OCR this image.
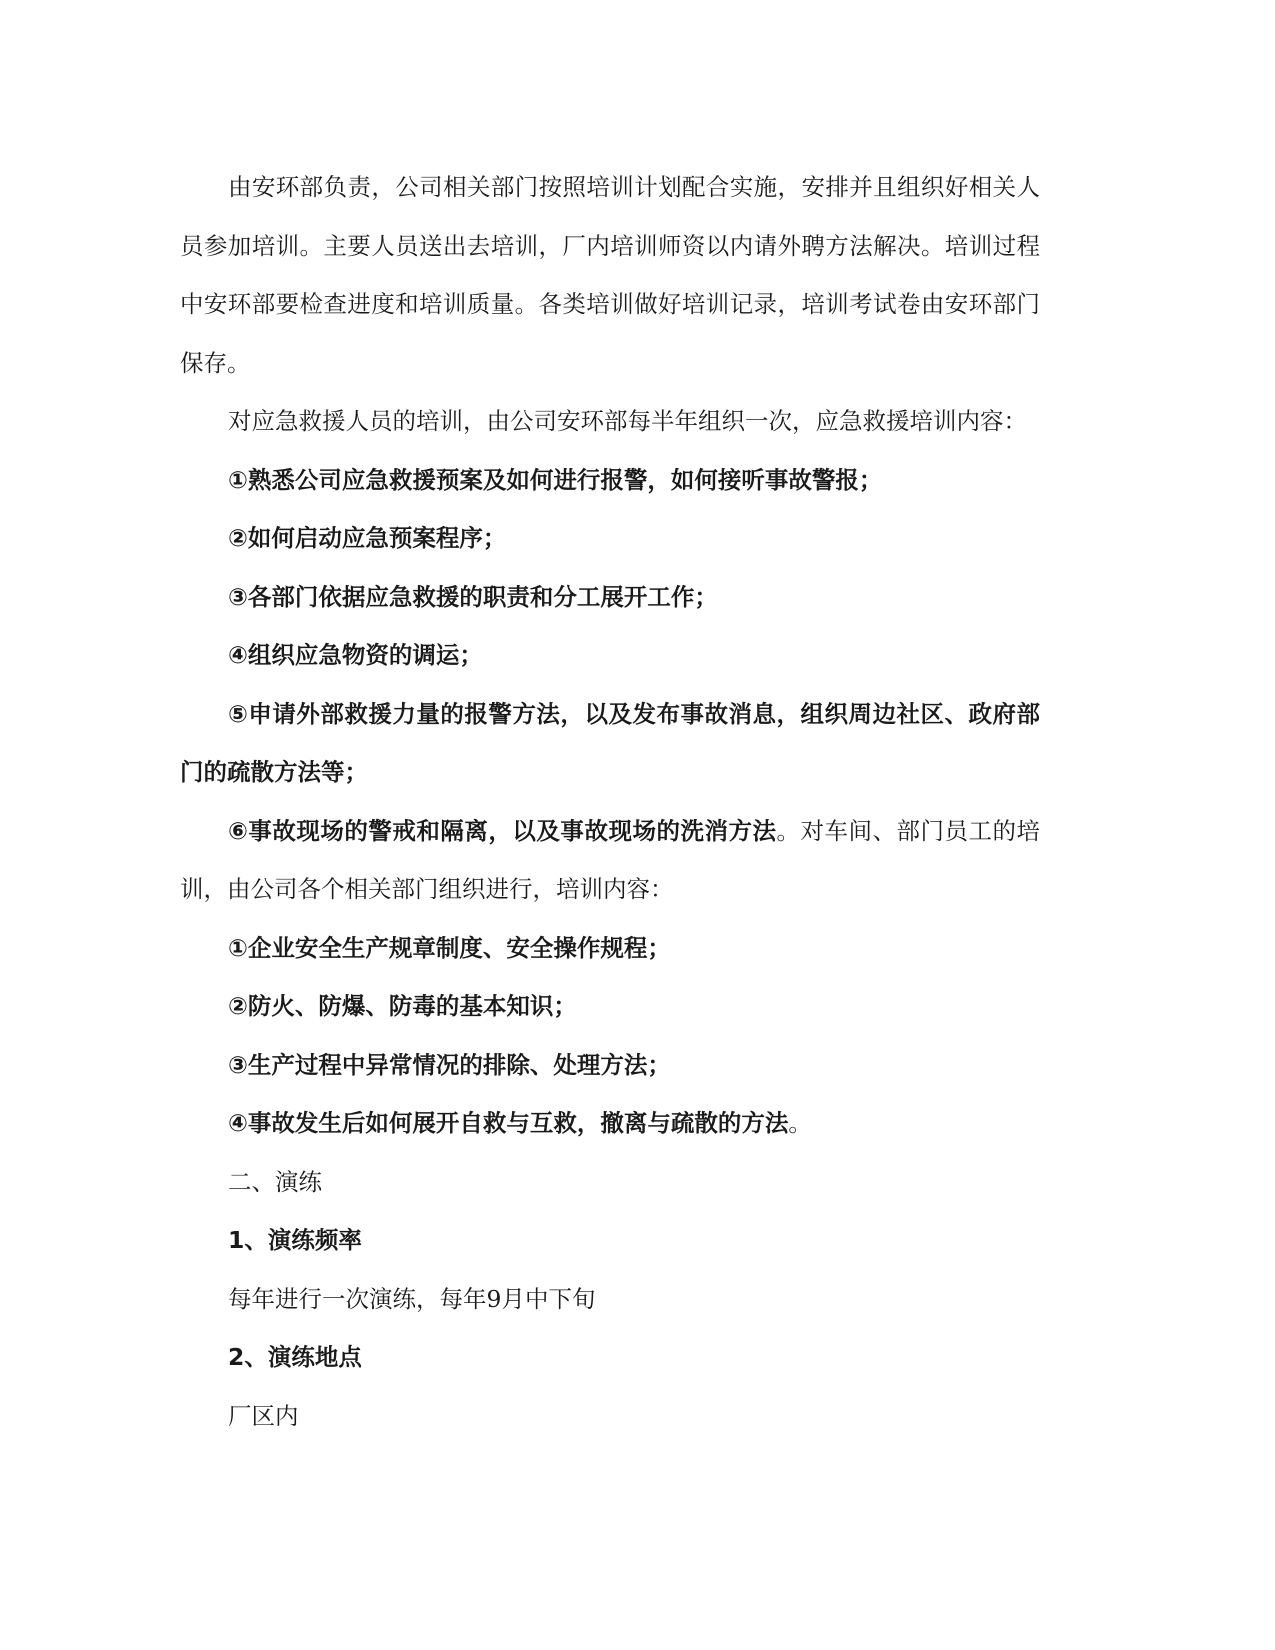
由安环部负责，公司相关部门按照培训计划配合实施，安排并且组织好相关人员参加培训。主要人员送出去培训，厂内培训师资以内请外聘方法解决。培训过程中安环部要检查进度和培训质量。各类培训做好培训记录，培训考试卷由安环部门保存。

对应急救援人员的培训，由公司安环部每半年组织一次，应急救援培训内容：

①熟悉公司应急救援预案及如何进行报警，如何接听事故警报；

②如何启动应急预案程序；

③各部门依据应急救援的职责和分工展开工作；

④组织应急物资的调运；

⑤申请外部救援力量的报警方法，以及发布事故消息，组织周边社区、政府部门的疏散方法等；

⑥事故现场的警戒和隔离，以及事故现场的洗消方法。对车间、部门员工的培训，由公司各个相关部门组织进行，培训内容：

①企业安全生产规章制度、安全操作规程；

②防火、防爆、防毒的基本知识；

③生产过程中异常情况的排除、处理方法；

④事故发生后如何展开自救与互救，撤离与疏散的方法。

二、演练

1、演练频率

每年进行一次演练，每年9月中下旬

2、演练地点

厂区内
